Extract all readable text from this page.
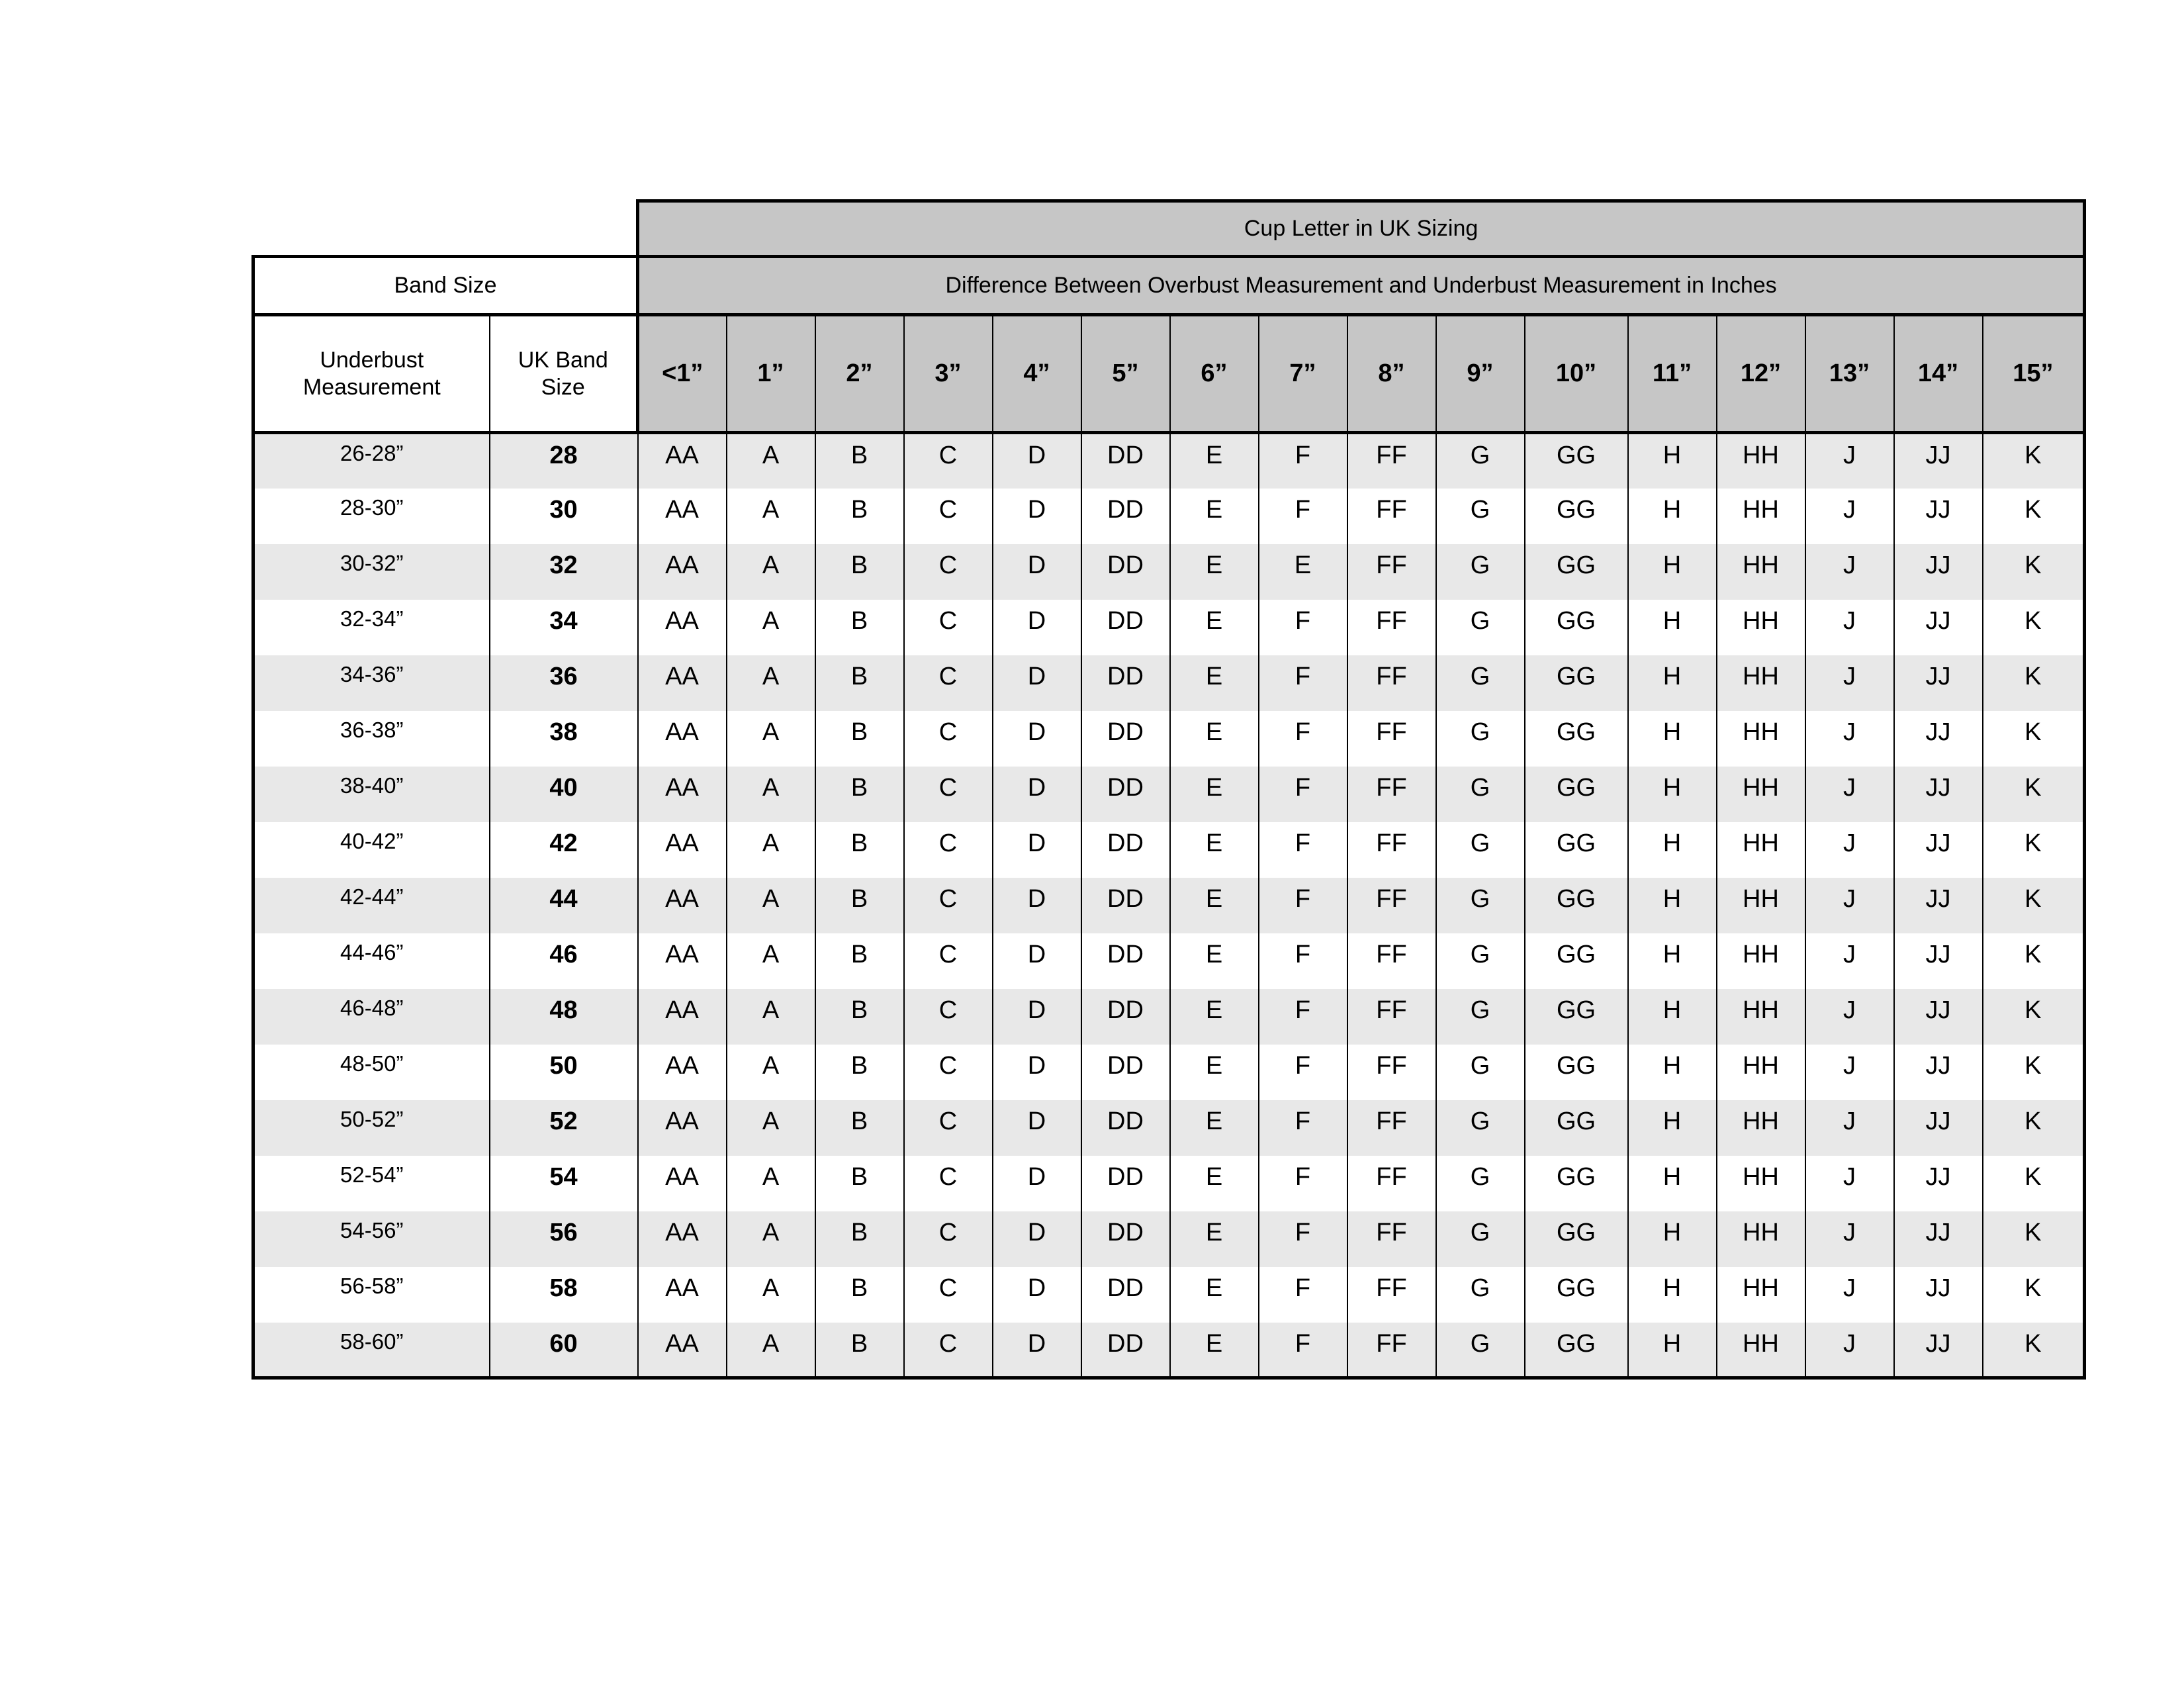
		Cup Letter in UK Sizing															
Band Size		Difference Between Overbust Measurement and Underbust Measurement in Inches															
Underbust Measurement	UK Band Size	<1”	1”	2”	3”	4”	5”	6”	7”	8”	9”	10”	11”	12”	13”	14”	15”
26-28”	28	AA	A	B	C	D	DD	E	F	FF	G	GG	H	HH	J	JJ	K
28-30”	30	AA	A	B	C	D	DD	E	F	FF	G	GG	H	HH	J	JJ	K
30-32”	32	AA	A	B	C	D	DD	E	E	FF	G	GG	H	HH	J	JJ	K
32-34”	34	AA	A	B	C	D	DD	E	F	FF	G	GG	H	HH	J	JJ	K
34-36”	36	AA	A	B	C	D	DD	E	F	FF	G	GG	H	HH	J	JJ	K
36-38”	38	AA	A	B	C	D	DD	E	F	FF	G	GG	H	HH	J	JJ	K
38-40”	40	AA	A	B	C	D	DD	E	F	FF	G	GG	H	HH	J	JJ	K
40-42”	42	AA	A	B	C	D	DD	E	F	FF	G	GG	H	HH	J	JJ	K
42-44”	44	AA	A	B	C	D	DD	E	F	FF	G	GG	H	HH	J	JJ	K
44-46”	46	AA	A	B	C	D	DD	E	F	FF	G	GG	H	HH	J	JJ	K
46-48”	48	AA	A	B	C	D	DD	E	F	FF	G	GG	H	HH	J	JJ	K
48-50”	50	AA	A	B	C	D	DD	E	F	FF	G	GG	H	HH	J	JJ	K
50-52”	52	AA	A	B	C	D	DD	E	F	FF	G	GG	H	HH	J	JJ	K
52-54”	54	AA	A	B	C	D	DD	E	F	FF	G	GG	H	HH	J	JJ	K
54-56”	56	AA	A	B	C	D	DD	E	F	FF	G	GG	H	HH	J	JJ	K
56-58”	58	AA	A	B	C	D	DD	E	F	FF	G	GG	H	HH	J	JJ	K
58-60”	60	AA	A	B	C	D	DD	E	F	FF	G	GG	H	HH	J	JJ	K
